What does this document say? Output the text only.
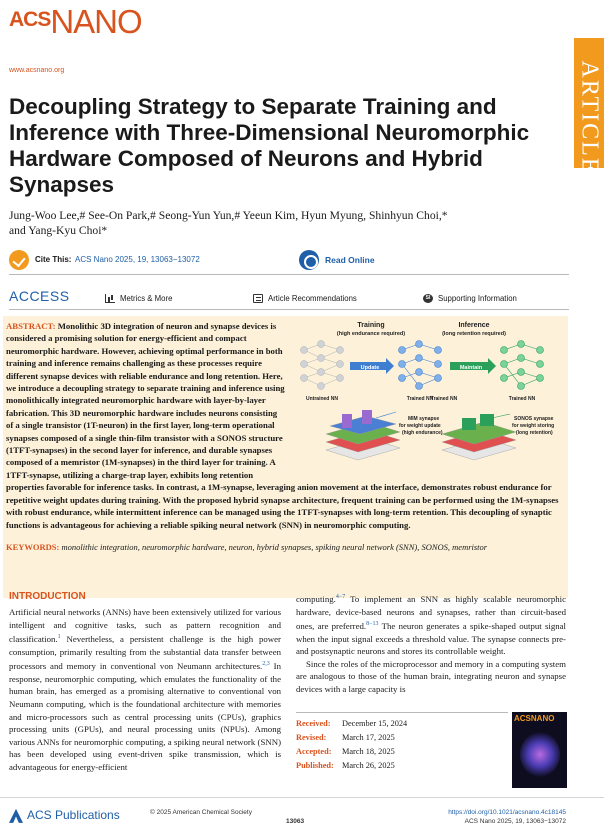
ACSNANO
www.acsnano.org	ARTICLE
Decoupling Strategy to Separate Training and Inference with Three-Dimensional Neuromorphic Hardware Composed of Neurons and Hybrid Synapses
Jung-Woo Lee,# See-On Park,# Seong-Yun Yun,# Yeeun Kim, Hyun Myung, Shinhyun Choi,*
and Yang-Kyu Choi*
Cite This: ACS Nano 2025, 19, 13063−13072	Read Online
ACCESS	Metrics & More	Article Recommendations	SI Supporting Information
Training
(high endurance required)
Inference
(long retention required)
Update	Maintain
Untrained NN	Trained NN
Trained NN	Trained NN
MIM synapse
for weight update
(high endurance)
SONOS synapse
for weight storing
(long retention)
ABSTRACT: Monolithic 3D integration of neuron and synapse devices is considered a promising solution for energy-efficient and compact neuromorphic hardware. However, achieving optimal performance in both training and inference remains challenging as these processes require different synapse devices with reliable endurance and long retention. Here, we introduce a decoupling strategy to separate training and inference using monolithically integrated neuromorphic hardware with layer-by-layer fabrication. This 3D neuromorphic hardware includes neurons consisting of a single transistor (1T-neuron) in the first layer, long-term operational synapses composed of a single thin-film transistor with a SONOS structure (1TFT-synapses) in the second layer for inference, and durable synapses composed of a memristor (1M-synapses) in the third layer for training. A 1TFT-synapse, utilizing a charge-trap layer, exhibits long retention properties favorable for inference tasks. In contrast, a 1M-synapse, leveraging anion movement at the interface, demonstrates robust endurance for repetitive weight updates during training. With the proposed hybrid synapse architecture, frequent training can be performed using the 1M-synapses with robust endurance, while intermittent inference can be managed using the 1TFT-synapses with long-term retention. This decoupling of synaptic functions is advantageous for achieving a reliable spiking neural network (SNN) in neuromorphic computing.
KEYWORDS: monolithic integration, neuromorphic hardware, neuron, hybrid synapses, spiking neural network (SNN), SONOS, memristor
INTRODUCTION
Artificial neural networks (ANNs) have been extensively utilized for various intelligent and cognitive tasks, such as pattern recognition and classification.$^1$ Nevertheless, a persistent challenge is the high power consumption, primarily resulting from the substantial data transfer between processors and memory in conventional von Neumann architectures.$^{2,3}$ In response, neuromorphic computing, which emulates the functionality of the human brain, has emerged as a promising alternative to conventional von Neumann computing, which is the foundational architecture with memories and micro-processors such as central processing units (CPUs), graphics processing units (GPUs), and neural processing units (NPUs). Among various ANNs for neuromorphic computing, a spiking neural network (SNN) has been developed using event-driven spike transmission, which is advantageous for energy-efficient
computing.$^{4-7}$ To implement an SNN as highly scalable neuromorphic hardware, device-based neurons and synapses, rather than circuit-based ones, are preferred.$^{8-13}$ The neuron generates a spike-shaped output signal when the input signal exceeds a threshold value. The synapse connects pre- and postsynaptic neurons and stores its controllable weight.
Since the roles of the microprocessor and memory in a computing system are analogous to those of the human brain, integrating neuron and synapse devices with a large capacity is
Received: December 15, 2024
Revised: March 17, 2025
Accepted: March 18, 2025
Published: March 26, 2025
ACSNANO
ACS Publications	© 2025 American Chemical Society
13063
https://doi.org/10.1021/acsnano.4c18145
ACS Nano 2025, 19, 13063−13072
